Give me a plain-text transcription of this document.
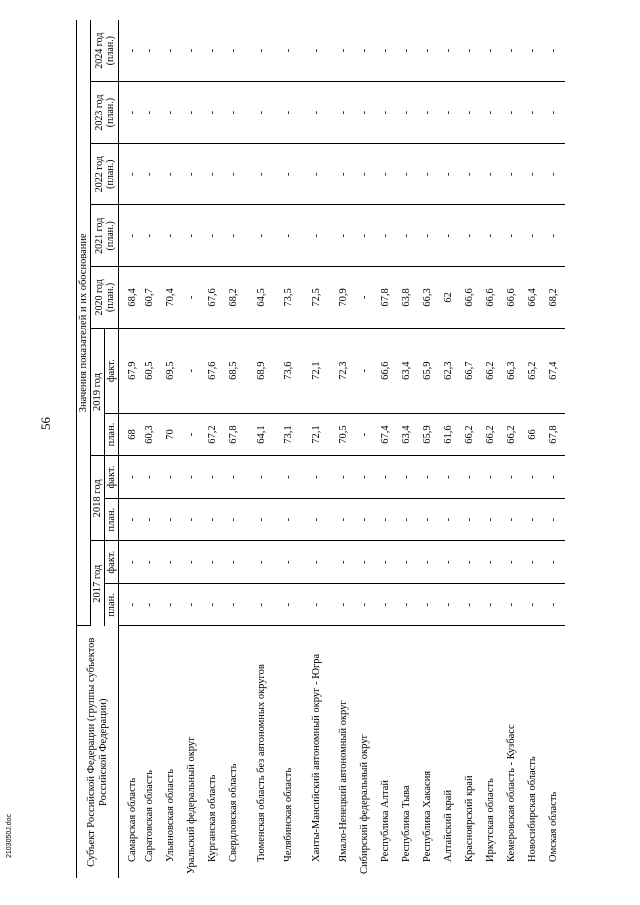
56
Субъект Российской Федерации (группы субъектов Российской Федерации)	Значения показателей и их обоснование										
	2017 год		2018 год		2019 год		2020 год (план.)	2021 год (план.)	2022 год (план.)	2023 год (план.)	2024 год (план.)
	план.	факт.	план.	факт.	план.	факт.					
Самарская область	-	-	-	-	68	67,9	68,4	-	-	-	-
Саратовская область	-	-	-	-	60,3	60,5	60,7	-	-	-	-
Ульяновская область	-	-	-	-	70	69,5	70,4	-	-	-	-
Уральский федеральный округ	-	-	-	-	-	-	-	-	-	-	-
Курганская область	-	-	-	-	67,2	67,6	67,6	-	-	-	-
Свердловская область	-	-	-	-	67,8	68,5	68,2	-	-	-	-
Тюменская область без автономных округов	-	-	-	-	64,1	68,9	64,5	-	-	-	-
Челябинская область	-	-	-	-	73,1	73,6	73,5	-	-	-	-
Ханты-Мансийский автономный округ - Югра	-	-	-	-	72,1	72,1	72,5	-	-	-	-
Ямало-Ненецкий автономный округ	-	-	-	-	70,5	72,3	70,9	-	-	-	-
Сибирский федеральный округ	-	-	-	-	-	-	-	-	-	-	-
Республика Алтай	-	-	-	-	67,4	66,6	67,8	-	-	-	-
Республика Тыва	-	-	-	-	63,4	63,4	63,8	-	-	-	-
Республика Хакасия	-	-	-	-	65,9	65,9	66,3	-	-	-	-
Алтайский край	-	-	-	-	61,6	62,3	62	-	-	-	-
Красноярский край	-	-	-	-	66,2	66,7	66,6	-	-	-	-
Иркутская область	-	-	-	-	66,2	66,2	66,6	-	-	-	-
Кемеровская область - Кузбасс	-	-	-	-	66,2	66,3	66,6	-	-	-	-
Новосибирская область	-	-	-	-	66	65,2	66,4	-	-	-	-
Омская область	-	-	-	-	67,8	67,4	68,2	-	-	-	-
2103050J.doc
